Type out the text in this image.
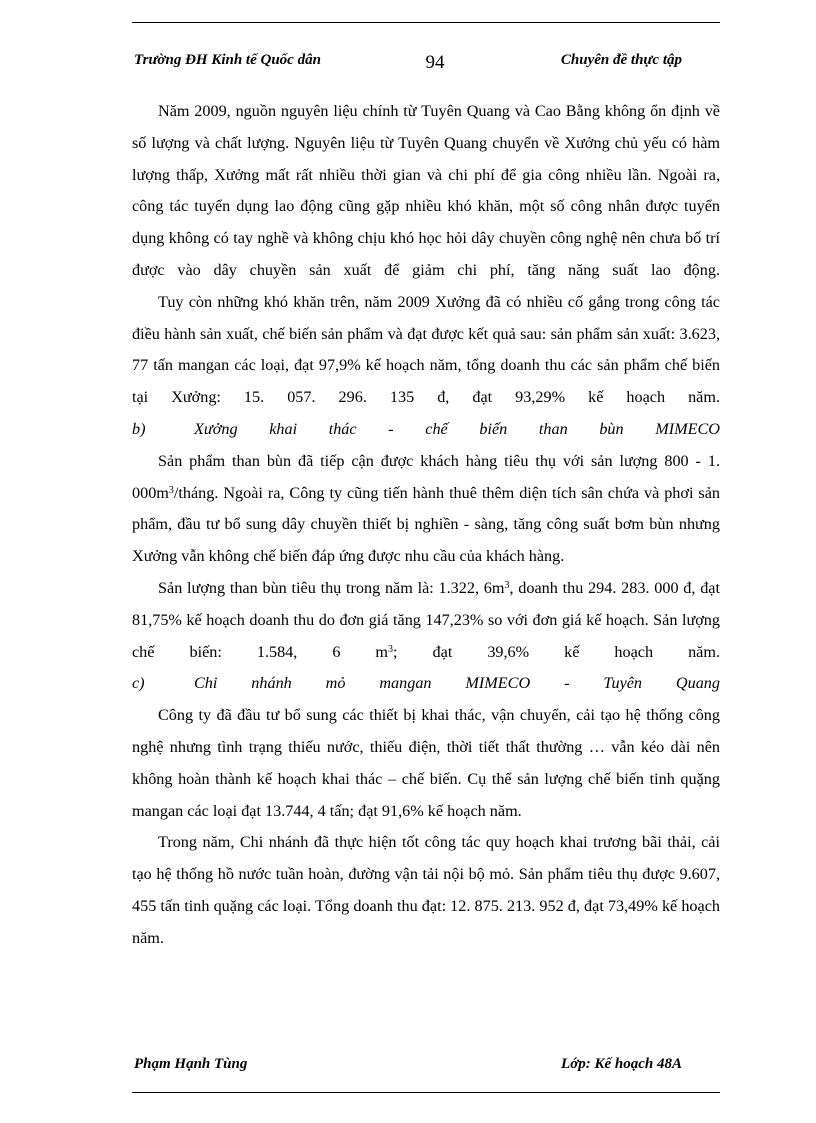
Trường ĐH Kinh tế Quốc dân	94	Chuyên đề thực tập

Năm 2009, nguồn nguyên liệu chính từ Tuyên Quang và Cao Bằng không ổn định về số lượng và chất lượng. Nguyên liệu từ Tuyên Quang chuyển về Xưởng chủ yếu có hàm lượng thấp, Xưởng mất rất nhiều thời gian và chi phí để gia công nhiều lần. Ngoài ra, công tác tuyển dụng lao động cũng gặp nhiều khó khăn, một số công nhân được tuyển dụng không có tay nghề và không chịu khó học hỏi dây chuyền công nghệ nên chưa bố trí được vào dây chuyền sản xuất để giảm chi phí, tăng năng suất lao động.

Tuy còn những khó khăn trên, năm 2009 Xưởng đã có nhiều cố gắng trong công tác điều hành sản xuất, chế biến sản phẩm và đạt được kết quả sau: sản phẩm sản xuất: 3.623, 77 tấn mangan các loại, đạt 97,9% kế hoạch năm, tổng doanh thu các sản phẩm chế biến tại Xưởng: 15. 057. 296. 135 đ, đạt 93,29% kế hoạch năm.

b)	Xưởng khai thác - chế biến than bùn MIMECO

Sản phẩm than bùn đã tiếp cận được khách hàng tiêu thụ với sản lượng 800 - 1. $000m^3$/tháng. Ngoài ra, Công ty cũng tiến hành thuê thêm diện tích sân chứa và phơi sản phẩm, đầu tư bổ sung dây chuyền thiết bị nghiền - sàng, tăng công suất bơm bùn nhưng Xưởng vẫn không chế biến đáp ứng được nhu cầu của khách hàng.

Sản lượng than bùn tiêu thụ trong năm là: 1.322, $6m^3$, doanh thu 294. 283. 000 đ, đạt 81,75% kế hoạch doanh thu do đơn giá tăng 147,23% so với đơn giá kế hoạch. Sản lượng chế biến: 1.584, 6 $m^3$; đạt 39,6% kế hoạch năm.

c)	Chi nhánh mỏ mangan MIMECO - Tuyên Quang

Công ty đã đầu tư bổ sung các thiết bị khai thác, vận chuyển, cải tạo hệ thống công nghệ nhưng tình trạng thiếu nước, thiếu điện, thời tiết thất thường … vẫn kéo dài nên không hoàn thành kế hoạch khai thác – chế biến. Cụ thể sản lượng chế biến tinh quặng mangan các loại đạt 13.744, 4 tấn; đạt 91,6% kế hoạch năm.

Trong năm, Chi nhánh đã thực hiện tốt công tác quy hoạch khai trương bãi thải, cải tạo hệ thống hồ nước tuần hoàn, đường vận tải nội bộ mỏ. Sản phẩm tiêu thụ được 9.607, 455 tấn tinh quặng các loại. Tổng doanh thu đạt: 12. 875. 213. 952 đ, đạt 73,49% kế hoạch năm.

Phạm Hạnh Tùng	Lớp: Kế hoạch 48A
